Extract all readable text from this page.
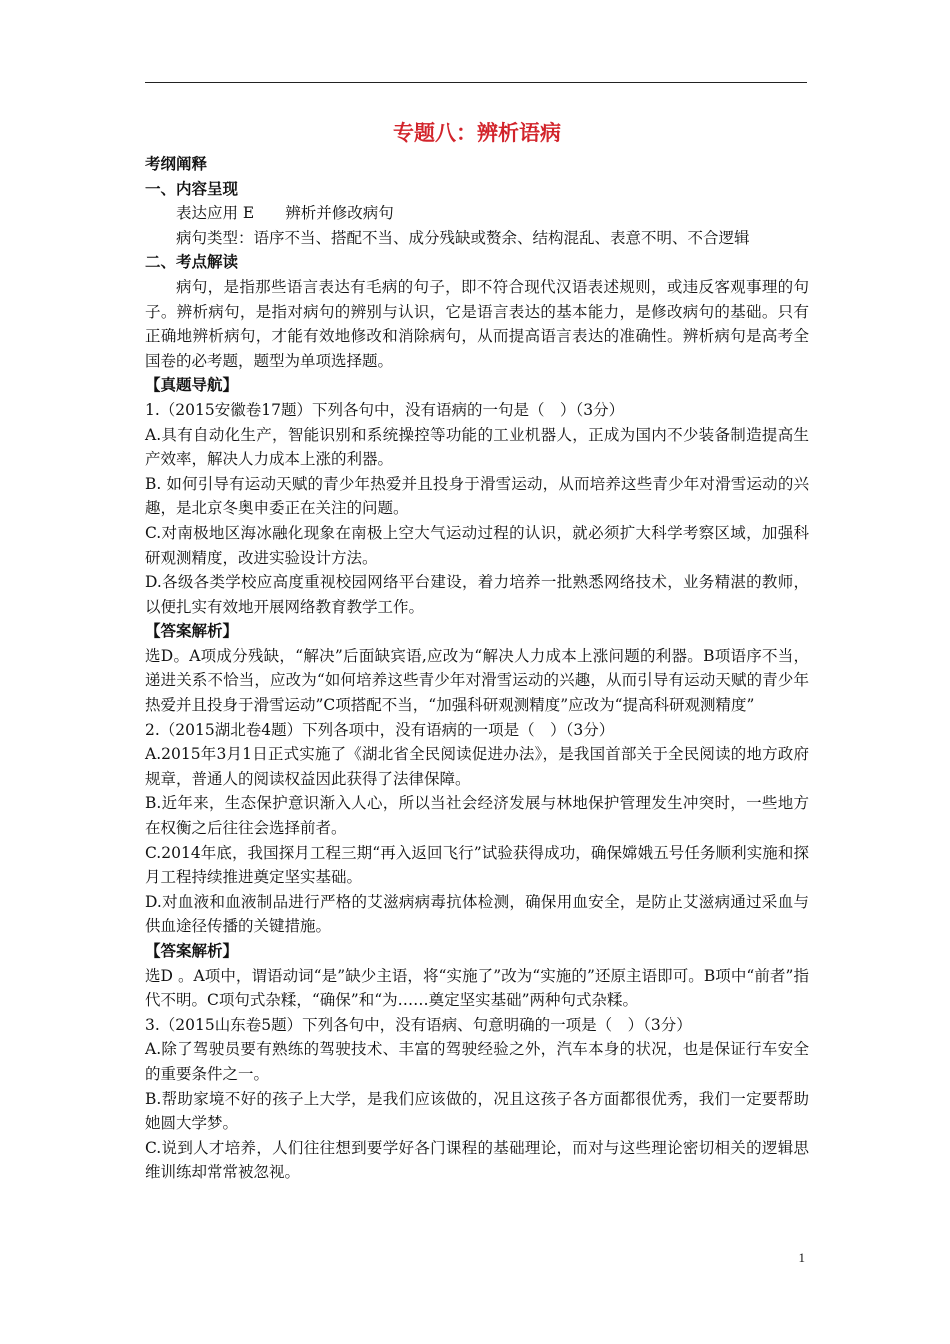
专题八：辨析语病

考纲阐释

一、内容呈现

表达应用 E　　辨析并修改病句

病句类型：语序不当、搭配不当、成分残缺或赘余、结构混乱、表意不明、不合逻辑

二、考点解读

病句，是指那些语言表达有毛病的句子，即不符合现代汉语表述规则，或违反客观事理的句子。辨析病句，是指对病句的辨别与认识，它是语言表达的基本能力，是修改病句的基础。只有正确地辨析病句，才能有效地修改和消除病句，从而提高语言表达的准确性。辨析病句是高考全国卷的必考题，题型为单项选择题。

【真题导航】

1.（2015安徽卷17题）下列各句中，没有语病的一句是（　）（3分）

A.具有自动化生产，智能识别和系统操控等功能的工业机器人，正成为国内不少装备制造提高生产效率，解决人力成本上涨的利器。

B. 如何引导有运动天赋的青少年热爱并且投身于滑雪运动，从而培养这些青少年对滑雪运动的兴趣，是北京冬奥申委正在关注的问题。

C.对南极地区海冰融化现象在南极上空大气运动过程的认识，就必须扩大科学考察区域，加强科研观测精度，改进实验设计方法。

D.各级各类学校应高度重视校园网络平台建设，着力培养一批熟悉网络技术，业务精湛的教师，以便扎实有效地开展网络教育教学工作。

【答案解析】

选D。A项成分残缺，“解决”后面缺宾语,应改为“解决人力成本上涨问题的利器。B项语序不当，递进关系不恰当，应改为“如何培养这些青少年对滑雪运动的兴趣，从而引导有运动天赋的青少年热爱并且投身于滑雪运动”C项搭配不当，“加强科研观测精度”应改为“提高科研观测精度”

2.（2015湖北卷4题）下列各项中，没有语病的一项是（　）（3分）

A.2015年3月1日正式实施了《湖北省全民阅读促进办法》，是我国首部关于全民阅读的地方政府规章，普通人的阅读权益因此获得了法律保障。

B.近年来，生态保护意识渐入人心，所以当社会经济发展与林地保护管理发生冲突时，一些地方在权衡之后往往会选择前者。

C.2014年底，我国探月工程三期“再入返回飞行”试验获得成功，确保嫦娥五号任务顺利实施和探月工程持续推进奠定坚实基础。

D.对血液和血液制品进行严格的艾滋病病毒抗体检测，确保用血安全，是防止艾滋病通过采血与供血途径传播的关键措施。

【答案解析】

选D 。A项中，谓语动词“是”缺少主语，将“实施了”改为“实施的”还原主语即可。B项中“前者”指代不明。C项句式杂糅，“确保”和“为……奠定坚实基础”两种句式杂糅。

3.（2015山东卷5题）下列各句中，没有语病、句意明确的一项是（　）（3分）

A.除了驾驶员要有熟练的驾驶技术、丰富的驾驶经验之外，汽车本身的状况，也是保证行车安全的重要条件之一。

B.帮助家境不好的孩子上大学，是我们应该做的，况且这孩子各方面都很优秀，我们一定要帮助她圆大学梦。

C.说到人才培养，人们往往想到要学好各门课程的基础理论，而对与这些理论密切相关的逻辑思维训练却常常被忽视。

1
